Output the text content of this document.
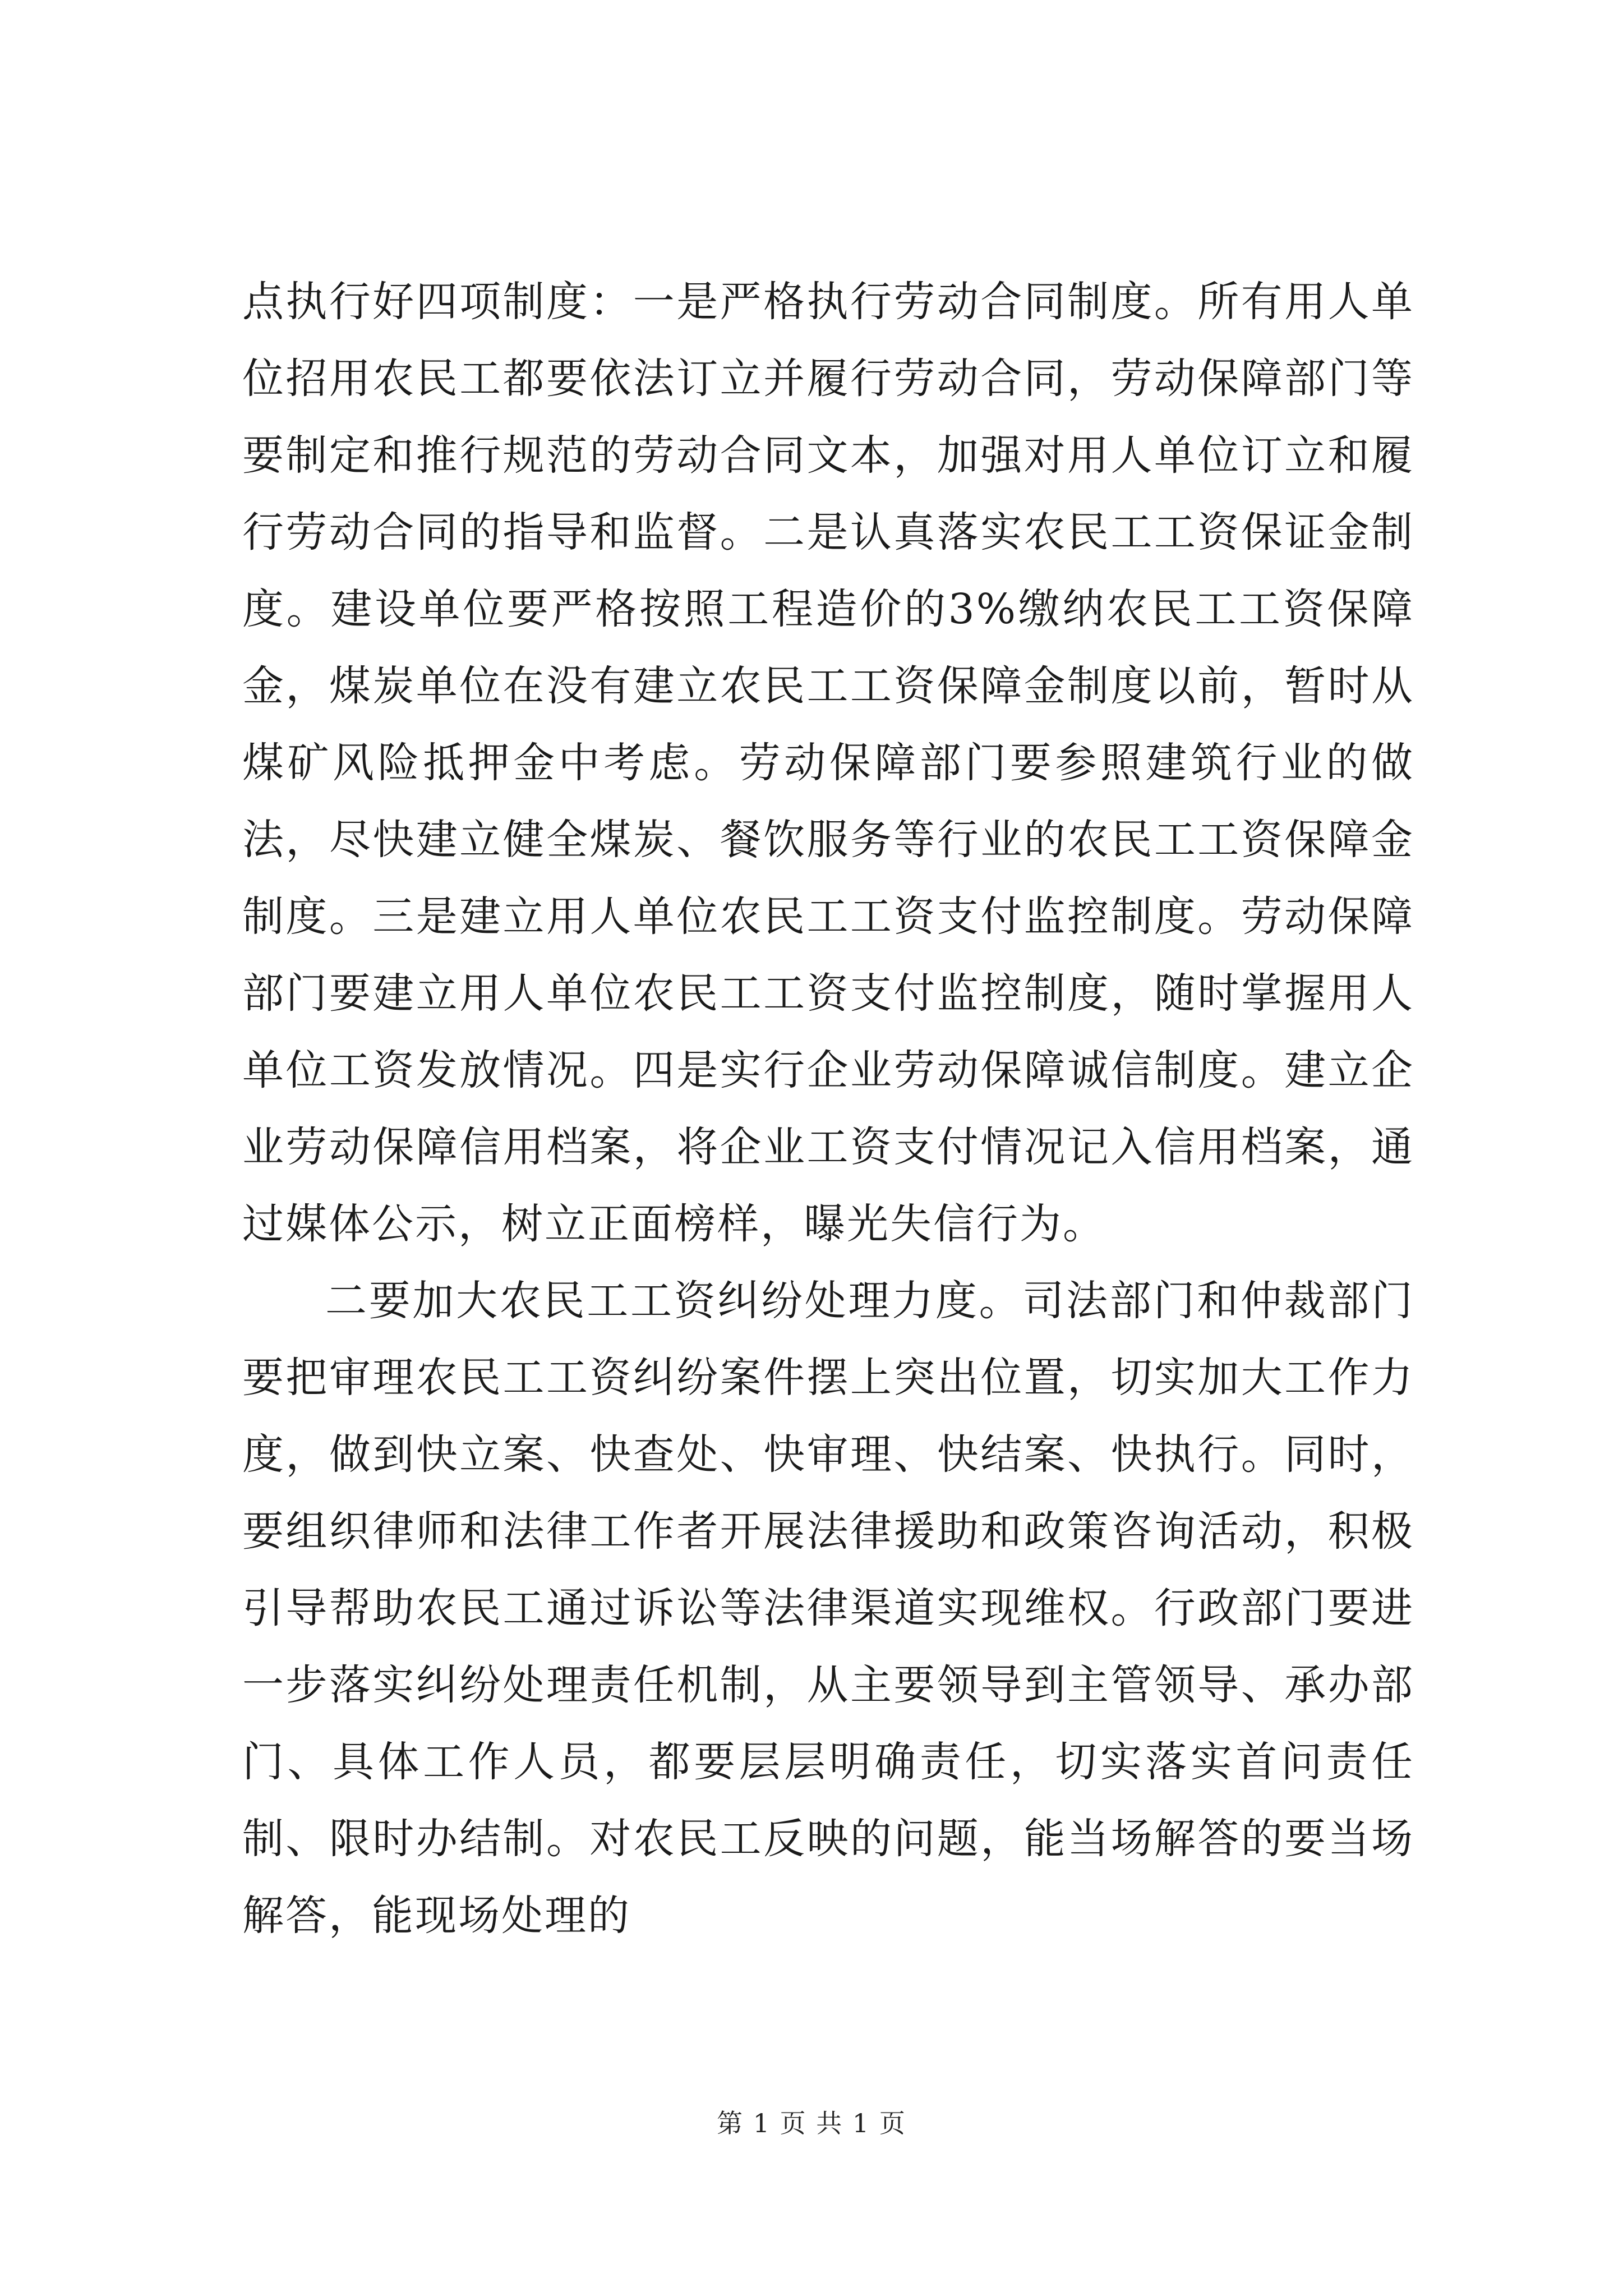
点执行好四项制度：一是严格执行劳动合同制度。所有用人单位招用农民工都要依法订立并履行劳动合同，劳动保障部门等要制定和推行规范的劳动合同文本，加强对用人单位订立和履行劳动合同的指导和监督。二是认真落实农民工工资保证金制度。建设单位要严格按照工程造价的3%缴纳农民工工资保障金，煤炭单位在没有建立农民工工资保障金制度以前，暂时从煤矿风险抵押金中考虑。劳动保障部门要参照建筑行业的做法，尽快建立健全煤炭、餐饮服务等行业的农民工工资保障金制度。三是建立用人单位农民工工资支付监控制度。劳动保障部门要建立用人单位农民工工资支付监控制度，随时掌握用人单位工资发放情况。四是实行企业劳动保障诚信制度。建立企业劳动保障信用档案，将企业工资支付情况记入信用档案，通过媒体公示，树立正面榜样，曝光失信行为。

二要加大农民工工资纠纷处理力度。司法部门和仲裁部门要把审理农民工工资纠纷案件摆上突出位置，切实加大工作力度，做到快立案、快查处、快审理、快结案、快执行。同时，要组织律师和法律工作者开展法律援助和政策咨询活动，积极引导帮助农民工通过诉讼等法律渠道实现维权。行政部门要进一步落实纠纷处理责任机制，从主要领导到主管领导、承办部门、具体工作人员，都要层层明确责任，切实落实首问责任制、限时办结制。对农民工反映的问题，能当场解答的要当场解答，能现场处理的

第 1 页 共 1 页
